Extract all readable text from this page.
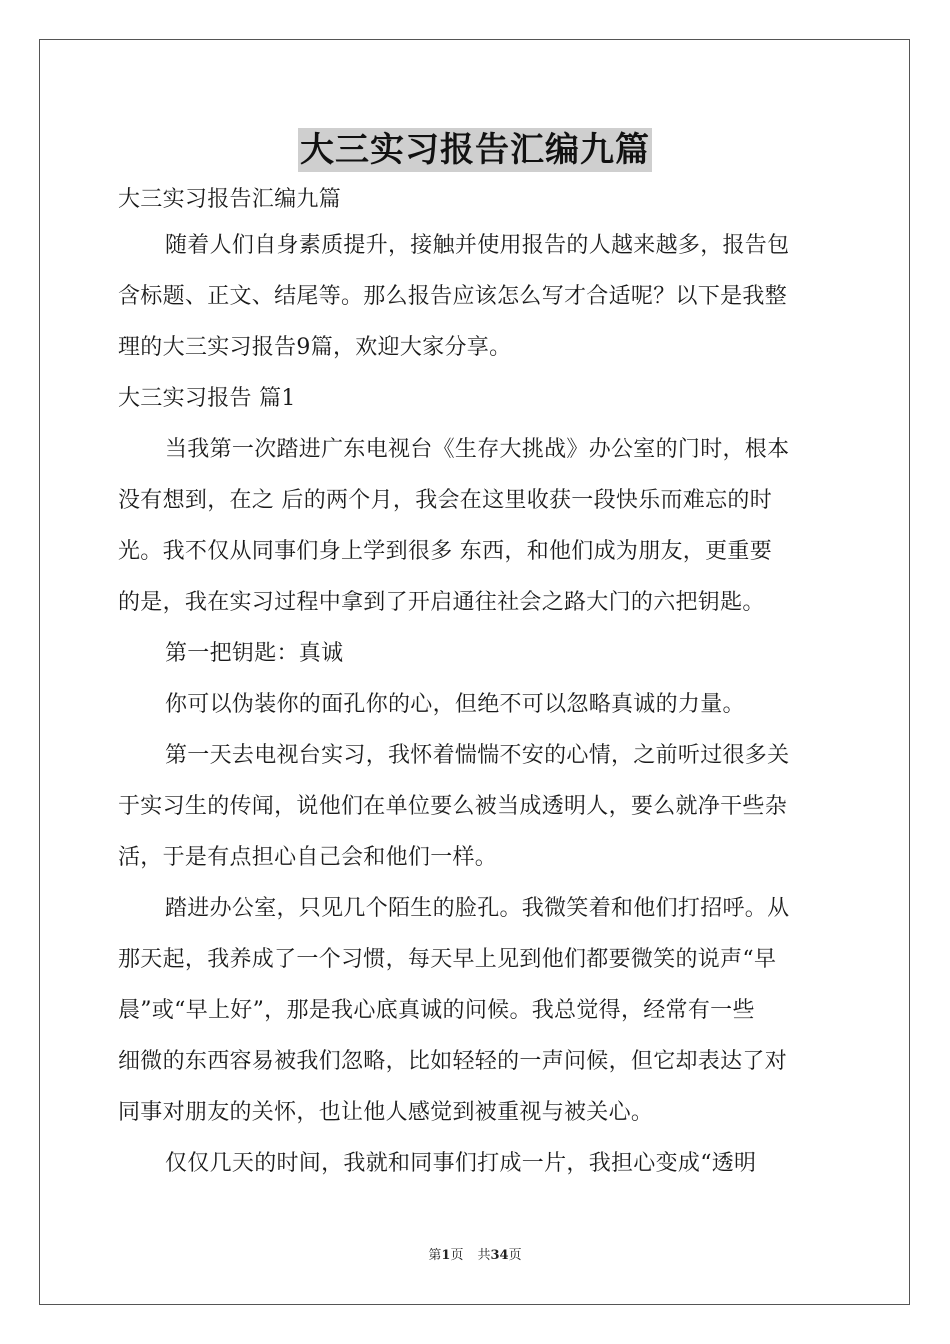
大三实习报告汇编九篇
大三实习报告汇编九篇
随着人们自身素质提升，接触并使用报告的人越来越多，报告包
含标题、正文、结尾等。那么报告应该怎么写才合适呢？以下是我整
理的大三实习报告9篇，欢迎大家分享。
大三实习报告 篇1
当我第一次踏进广东电视台《生存大挑战》办公室的门时，根本
没有想到，在之 后的两个月，我会在这里收获一段快乐而难忘的时
光。我不仅从同事们身上学到很多 东西，和他们成为朋友，更重要
的是，我在实习过程中拿到了开启通往社会之路大门的六把钥匙。
第一把钥匙：真诚
你可以伪装你的面孔你的心，但绝不可以忽略真诚的力量。
第一天去电视台实习，我怀着惴惴不安的心情，之前听过很多关
于实习生的传闻，说他们在单位要么被当成透明人，要么就净干些杂
活，于是有点担心自己会和他们一样。
踏进办公室，只见几个陌生的脸孔。我微笑着和他们打招呼。从
那天起，我养成了一个习惯，每天早上见到他们都要微笑的说声“早
晨”或“早上好”，那是我心底真诚的问候。我总觉得，经常有一些
细微的东西容易被我们忽略，比如轻轻的一声问候，但它却表达了对
同事对朋友的关怀，也让他人感觉到被重视与被关心。
仅仅几天的时间，我就和同事们打成一片，我担心变成“透明
第1页 共34页
